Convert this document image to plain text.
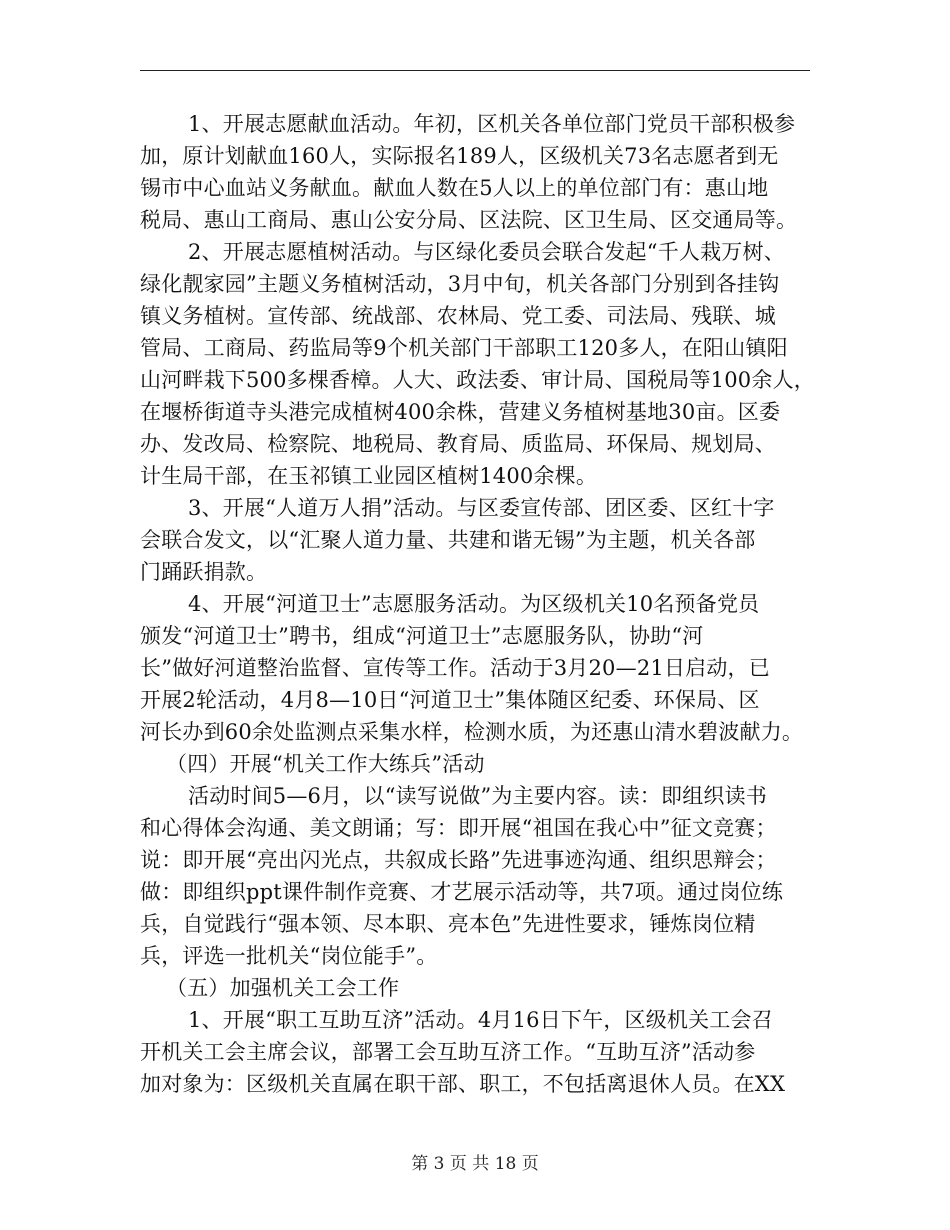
1、开展志愿献血活动。年初，区机关各单位部门党员干部积极参
加，原计划献血160人，实际报名189人，区级机关73名志愿者到无
锡市中心血站义务献血。献血人数在5人以上的单位部门有：惠山地
税局、惠山工商局、惠山公安分局、区法院、区卫生局、区交通局等。
2、开展志愿植树活动。与区绿化委员会联合发起“千人栽万树、
绿化靓家园”主题义务植树活动，3月中旬，机关各部门分别到各挂钩
镇义务植树。宣传部、统战部、农林局、党工委、司法局、残联、城
管局、工商局、药监局等9个机关部门干部职工120多人，在阳山镇阳
山河畔栽下500多棵香樟。人大、政法委、审计局、国税局等100余人，
在堰桥街道寺头港完成植树400余株，营建义务植树基地30亩。区委
办、发改局、检察院、地税局、教育局、质监局、环保局、规划局、
计生局干部，在玉祁镇工业园区植树1400余棵。
3、开展“人道万人捐”活动。与区委宣传部、团区委、区红十字
会联合发文，以“汇聚人道力量、共建和谐无锡”为主题，机关各部
门踊跃捐款。
4、开展“河道卫士”志愿服务活动。为区级机关10名预备党员
颁发“河道卫士”聘书，组成“河道卫士”志愿服务队，协助“河
长”做好河道整治监督、宣传等工作。活动于3月20—21日启动，已
开展2轮活动，4月8—10日“河道卫士”集体随区纪委、环保局、区
河长办到60余处监测点采集水样，检测水质，为还惠山清水碧波献力。
（四）开展“机关工作大练兵”活动
活动时间5—6月，以“读写说做”为主要内容。读：即组织读书
和心得体会沟通、美文朗诵；写：即开展“祖国在我心中”征文竞赛；
说：即开展“亮出闪光点，共叙成长路”先进事迹沟通、组织思辩会；
做：即组织ppt课件制作竞赛、才艺展示活动等，共7项。通过岗位练
兵，自觉践行“强本领、尽本职、亮本色”先进性要求，锤炼岗位精
兵，评选一批机关“岗位能手”。
（五）加强机关工会工作
1、开展“职工互助互济”活动。4月16日下午，区级机关工会召
开机关工会主席会议，部署工会互助互济工作。“互助互济”活动参
加对象为：区级机关直属在职干部、职工，不包括离退休人员。在XX
第 3 页 共 18 页
